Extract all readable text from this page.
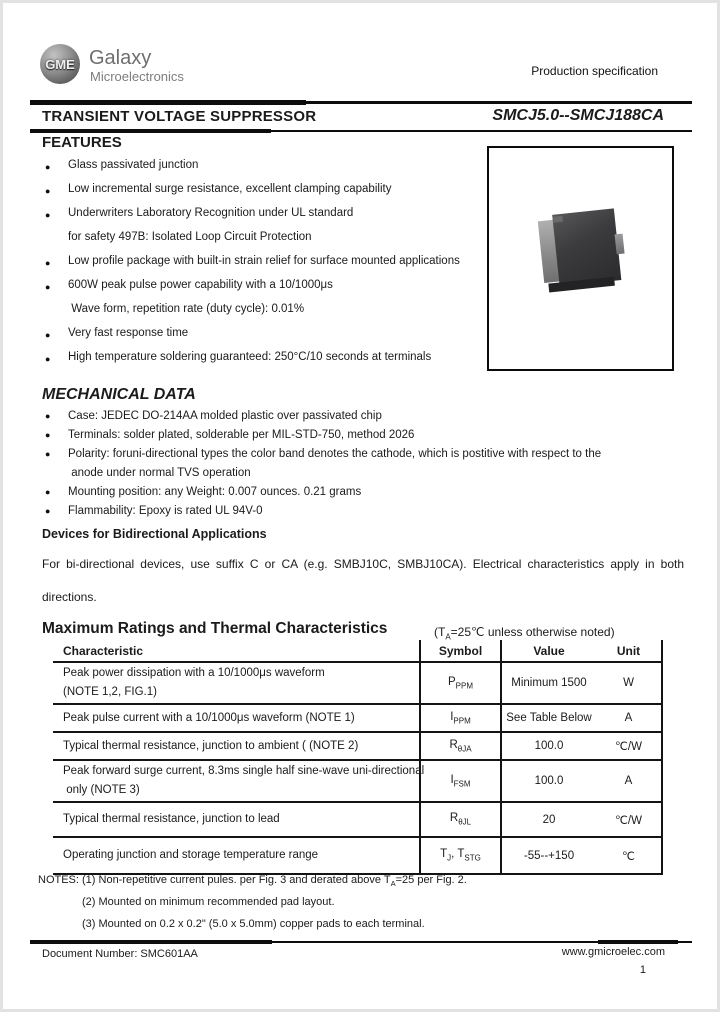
GME Galaxy
Microelectronics	Production specification
TRANSIENT VOLTAGE SUPPRESSOR	SMCJ5.0--SMCJ188CA
FEATURES
●	Glass passivated junction
●	Low incremental surge resistance, excellent clamping capability
●	Underwriters Laboratory Recognition under UL standard
for safety 497B: Isolated Loop Circuit Protection
●	Low profile package with built-in strain relief for surface mounted applications
●	600W peak pulse power capability with a 10/1000μs
Wave form, repetition rate (duty cycle): 0.01%
●	Very fast response time
●	High temperature soldering guaranteed: 250°C/10 seconds at terminals
MECHANICAL DATA
●	Case: JEDEC DO-214AA molded plastic over passivated chip
●	Terminals: solder plated, solderable per MIL-STD-750, method 2026
●	Polarity: foruni-directional types the color band denotes the cathode, which is postitive with respect to the
anode under normal TVS operation
●	Mounting position: any Weight: 0.007 ounces. 0.21 grams
●	Flammability: Epoxy is rated UL 94V-0
Devices for Bidirectional Applications
For bi-directional devices, use suffix C or CA (e.g. SMBJ10C, SMBJ10CA). Electrical characteristics apply in both directions.
Maximum Ratings and Thermal Characteristics	($T_A=25℃$ unless otherwise noted)
Characteristic	Symbol	Value	Unit

Peak power dissipation with a 10/1000μs waveform
(NOTE 1,2, FIG.1)	$P_{PPM}$	Minimum 1500	W

Peak pulse current with a 10/1000μs waveform (NOTE 1)	$I_{PPM}$	See Table Below	A

Typical thermal resistance, junction to ambient ( (NOTE 2)	$R_{\theta JA}$	100.0	℃/W

Peak forward surge current, 8.3ms single half sine-wave uni-directional
only (NOTE 3)	$I_{FSM}$	100.0	A

Typical thermal resistance, junction to lead	$R_{\theta JL}$	20	℃/W

Operating junction and storage temperature range	$T_J$, $T_{STG}$	-55--+150	℃
NOTES: (1) Non-repetitive current pules. per Fig. 3 and derated above $T_A=25$ per Fig. 2.
(2) Mounted on minimum recommended pad layout.
(3) Mounted on 0.2 x 0.2" (5.0 x 5.0mm) copper pads to each terminal.
Document Number: SMC601AA	www.gmicroelec.com
1
